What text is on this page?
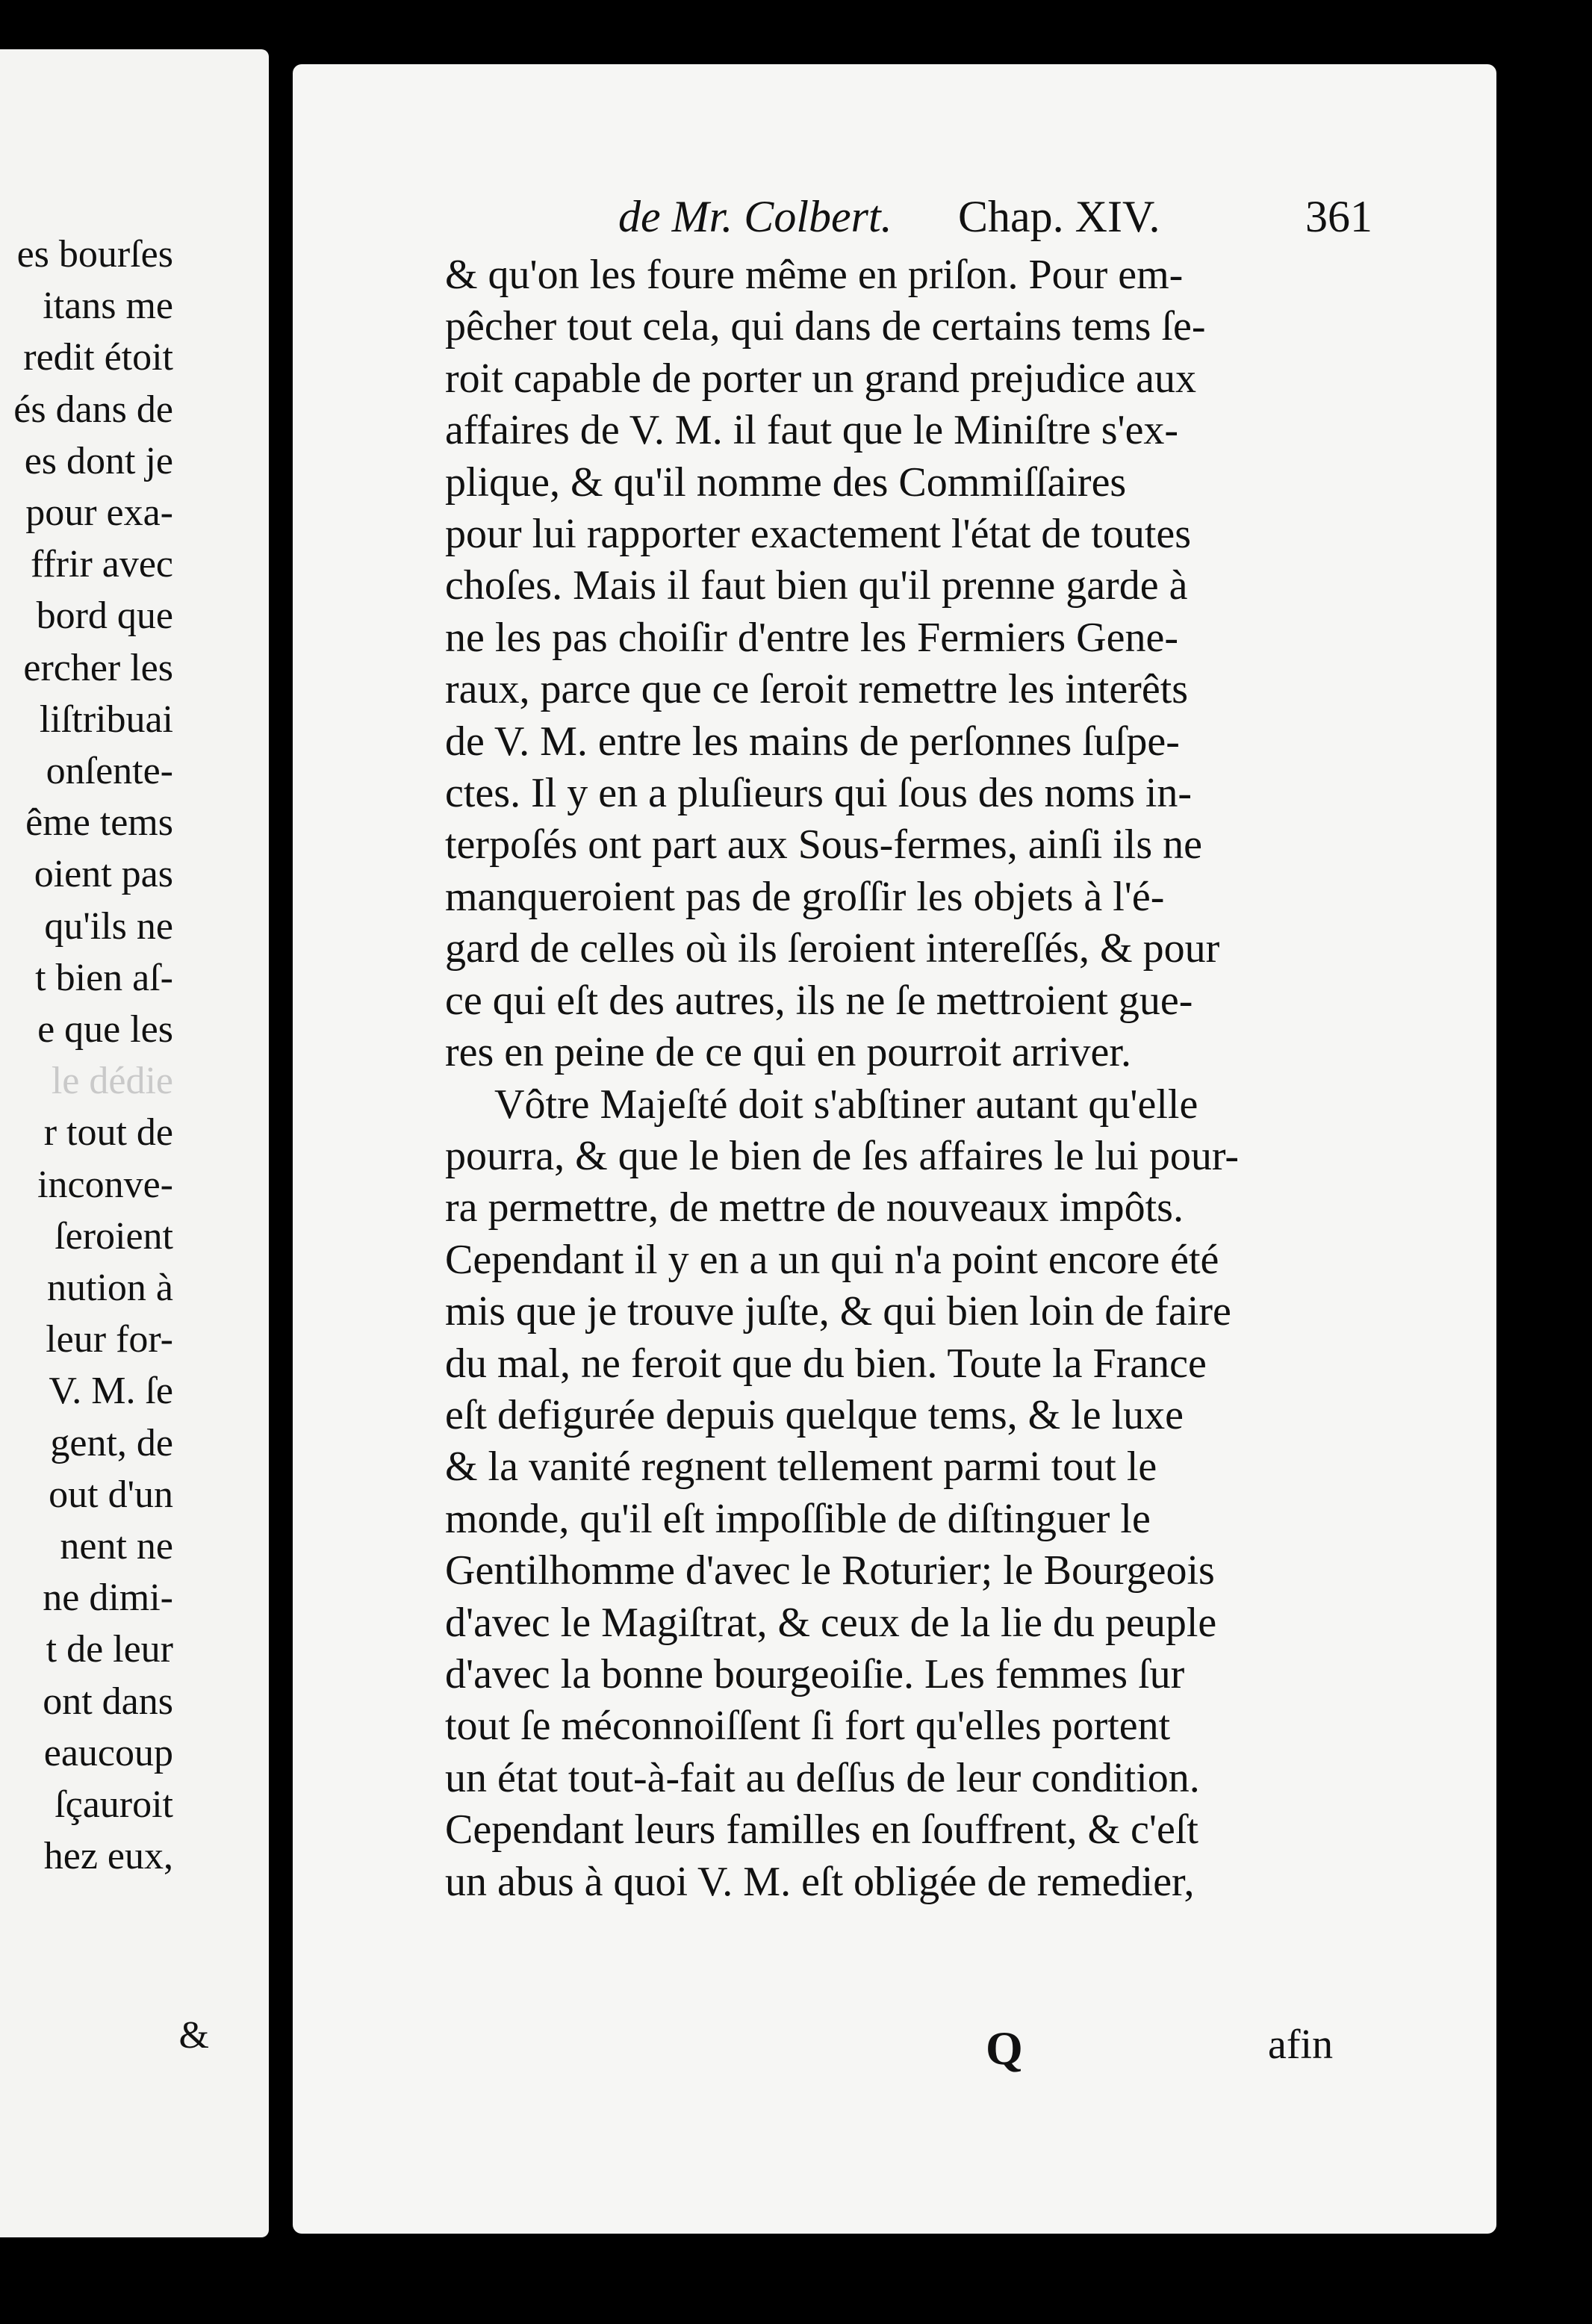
es bourſes
itans me
redit étoit
és dans de
es dont je
pour exa-
ffrir avec
bord que
ercher les
liſtribuai
onſente-
ême tems
oient pas
qu'ils ne
t bien aſ-
e que les
le dédie
r tout de
inconve-
ſeroient
nution à
leur for-
V. M. ſe
gent, de
out d'un
nent ne
ne dimi-
t de leur
ont dans
eaucoup
ſçauroit
hez eux,
&
de Mr. Colbert. Chap. XIV.	361
& qu'on les foure même en priſon. Pour em-
pêcher tout cela, qui dans de certains tems ſe-
roit capable de porter un grand prejudice aux
affaires de V. M. il faut que le Miniſtre s'ex-
plique, & qu'il nomme des Commiſſaires
pour lui rapporter exactement l'état de toutes
choſes. Mais il faut bien qu'il prenne garde à
ne les pas choiſir d'entre les Fermiers Gene-
raux, parce que ce ſeroit remettre les interêts
de V. M. entre les mains de perſonnes ſuſpe-
ctes. Il y en a pluſieurs qui ſous des noms in-
terpoſés ont part aux Sous-fermes, ainſi ils ne
manqueroient pas de groſſir les objets à l'é-
gard de celles où ils ſeroient intereſſés, & pour
ce qui eſt des autres, ils ne ſe mettroient gue-
res en peine de ce qui en pourroit arriver.
Vôtre Majeſté doit s'abſtiner autant qu'elle
pourra, & que le bien de ſes affaires le lui pour-
ra permettre, de mettre de nouveaux impôts.
Cependant il y en a un qui n'a point encore été
mis que je trouve juſte, & qui bien loin de faire
du mal, ne feroit que du bien. Toute la France
eſt defigurée depuis quelque tems, & le luxe
& la vanité regnent tellement parmi tout le
monde, qu'il eſt impoſſible de diſtinguer le
Gentilhomme d'avec le Roturier; le Bourgeois
d'avec le Magiſtrat, & ceux de la lie du peuple
d'avec la bonne bourgeoiſie. Les femmes ſur
tout ſe méconnoiſſent ſi fort qu'elles portent
un état tout-à-fait au deſſus de leur condition.
Cependant leurs familles en ſouffrent, & c'eſt
un abus à quoi V. M. eſt obligée de remedier,
Q	afin
